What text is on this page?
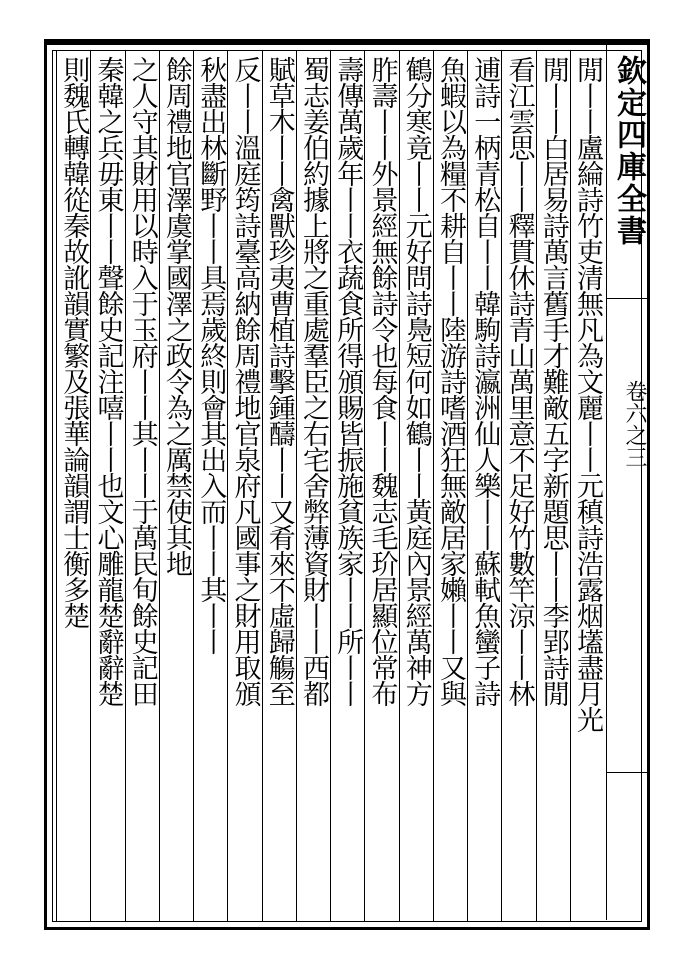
欽定四庫全書
卷六之三
閒丨丨盧綸詩竹吏清無凡為文麗丨丨元稹詩浩露烟壒盡月光
閒丨丨白居易詩萬言舊手才難敵五字新題思丨丨李郢詩閒
看江雲思丨丨釋貫休詩青山萬里意不足好竹數竿涼丨丨林
逋詩一柄青松自丨丨韓駒詩瀛洲仙人樂丨丨蘇軾魚蠻子詩
魚蝦以為糧不耕自丨丨陸游詩嗜酒狂無敵居家嬾丨丨又與
鶴分寒竟丨丨元好問詩鳧短何如鶴丨丨黃庭內景經萬神方
胙壽丨丨外景經無餘詩令也每食丨丨魏志毛玠居顯位常布
壽傳萬歲年丨丨衣蔬食所得頒賜皆振施貧族家丨丨所丨丨
蜀志姜伯約據上將之重處羣臣之右宅舍弊薄資財丨丨西都
賦草木丨丨禽獸珍夷曹植詩擊鍾醻丨丨又肴來不虛歸觴至
反丨丨溫庭筠詩臺高納餘周禮地官泉府凡國事之財用取頒
秋盡出林斷野丨丨具焉歲終則會其出入而丨丨其丨丨
餘周禮地官澤虞掌國澤之政令為之厲禁使其地
之人守其財用以時入于玉府丨丨其丨丨于萬民旬餘史記田
秦韓之兵毋東丨丨聲餘史記注嘻丨丨也文心雕龍楚辭辭楚
則魏氏轉韓從秦故訛韻實繁及張華論韻謂士衡多楚
